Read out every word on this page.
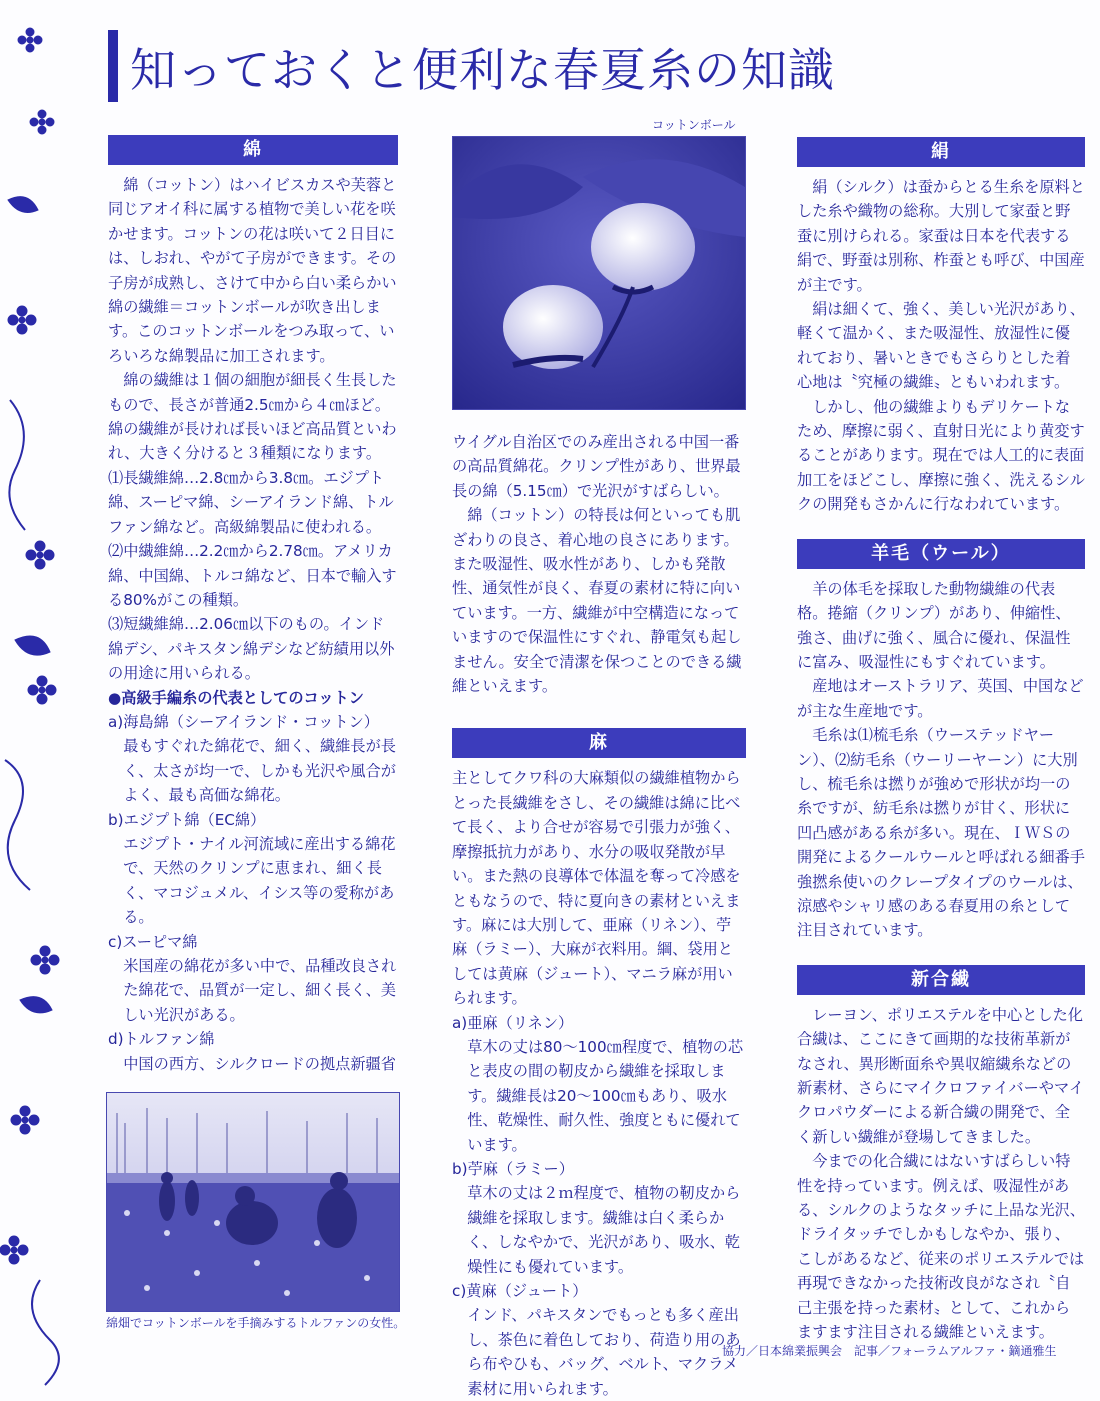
知っておくと便利な春夏糸の知識
綿

綿（コットン）はハイビスカスや芙蓉と同じアオイ科に属する植物で美しい花を咲かせます。コットンの花は咲いて２日目には、しおれ、やがて子房ができます。その子房が成熟し、さけて中から白い柔らかい綿の繊維＝コットンボールが吹き出します。このコットンボールをつみ取って、いろいろな綿製品に加工されます。

綿の繊維は１個の細胞が細長く生長したもので、長さが普通2.5㎝から４㎝ほど。綿の繊維が長ければ長いほど高品質といわれ、大きく分けると３種類になります。

⑴長繊維綿…2.8㎝から3.8㎝。エジプト綿、スーピマ綿、シーアイランド綿、トルファン綿など。高級綿製品に使われる。

⑵中繊維綿…2.2㎝から2.78㎝。アメリカ綿、中国綿、トルコ綿など、日本で輸入する80%がこの種類。

⑶短繊維綿…2.06㎝以下のもの。インド綿デシ、パキスタン綿デシなど紡績用以外の用途に用いられる。

●高級手編糸の代表としてのコットン

a)海島綿（シーアイランド・コットン）

最もすぐれた綿花で、細く、繊維長が長く、太さが均一で、しかも光沢や風合がよく、最も高価な綿花。

b)エジプト綿（EC綿）

エジプト・ナイル河流域に産出する綿花で、天然のクリンプに恵まれ、細く長く、マコジュメル、イシス等の愛称がある。

c)スーピマ綿

米国産の綿花が多い中で、品種改良された綿花で、品質が一定し、細く長く、美しい光沢がある。

d)トルファン綿

中国の西方、シルクロードの拠点新疆省

綿畑でコットンボールを手摘みするトルファンの女性。
コットンボール

ウイグル自治区でのみ産出される中国一番の高品質綿花。クリンプ性があり、世界最長の綿（5.15㎝）で光沢がすばらしい。

綿（コットン）の特長は何といっても肌ざわりの良さ、着心地の良さにあります。また吸湿性、吸水性があり、しかも発散性、通気性が良く、春夏の素材に特に向いています。一方、繊維が中空構造になっていますので保温性にすぐれ、静電気も起しません。安全で清潔を保つことのできる繊維といえます。

麻

主としてクワ科の大麻類似の繊維植物からとった長繊維をさし、その繊維は綿に比べて長く、より合せが容易で引張力が強く、摩擦抵抗力があり、水分の吸収発散が早い。また熱の良導体で体温を奪って冷感をともなうので、特に夏向きの素材といえます。麻には大別して、亜麻（リネン）、苧麻（ラミー）、大麻が衣料用。綱、袋用としては黄麻（ジュート）、マニラ麻が用いられます。

a)亜麻（リネン）

草木の丈は80～100㎝程度で、植物の芯と表皮の間の靭皮から繊維を採取します。繊維長は20～100㎝もあり、吸水性、乾燥性、耐久性、強度ともに優れています。

b)苧麻（ラミー）

草木の丈は２ｍ程度で、植物の靭皮から繊維を採取します。繊維は白く柔らかく、しなやかで、光沢があり、吸水、乾燥性にも優れています。

c)黄麻（ジュート）

インド、パキスタンでもっとも多く産出し、茶色に着色しており、荷造り用のあら布やひも、バッグ、ベルト、マクラメ素材に用いられます。

絹

絹（シルク）は蚕からとる生糸を原料とした糸や織物の総称。大別して家蚕と野蚕に別けられる。家蚕は日本を代表する絹で、野蚕は別称、柞蚕とも呼び、中国産が主です。

絹は細くて、強く、美しい光沢があり、軽くて温かく、また吸湿性、放湿性に優れており、暑いときでもさらりとした着心地は〝究極の繊維〟ともいわれます。

しかし、他の繊維よりもデリケートなため、摩擦に弱く、直射日光により黄変することがあります。現在では人工的に表面加工をほどこし、摩擦に強く、洗えるシルクの開発もさかんに行なわれています。

羊毛（ウール）

羊の体毛を採取した動物繊維の代表格。捲縮（クリンプ）があり、伸縮性、強さ、曲げに強く、風合に優れ、保温性に富み、吸湿性にもすぐれています。

産地はオーストラリア、英国、中国などが主な生産地です。

毛糸は⑴梳毛糸（ウーステッドヤーン）、⑵紡毛糸（ウーリーヤーン）に大別し、梳毛糸は撚りが強めで形状が均一の糸ですが、紡毛糸は撚りが甘く、形状に凹凸感がある糸が多い。現在、ＩＷＳの開発によるクールウールと呼ばれる細番手強撚糸使いのクレープタイプのウールは、涼感やシャリ感のある春夏用の糸として注目されています。

新合繊

レーヨン、ポリエステルを中心とした化合繊は、ここにきて画期的な技術革新がなされ、異形断面糸や異収縮繊糸などの新素材、さらにマイクロファイバーやマイクロパウダーによる新合繊の開発で、全く新しい繊維が登場してきました。

今までの化合繊にはないすばらしい特性を持っています。例えば、吸湿性がある、シルクのようなタッチに上品な光沢、ドライタッチでしかもしなやか、張り、こしがあるなど、従来のポリエステルでは再現できなかった技術改良がなされ〝自己主張を持った素材〟として、これからますます注目される繊維といえます。

協力／日本綿業振興会　記事／フォーラムアルファ・鏑通雅生
